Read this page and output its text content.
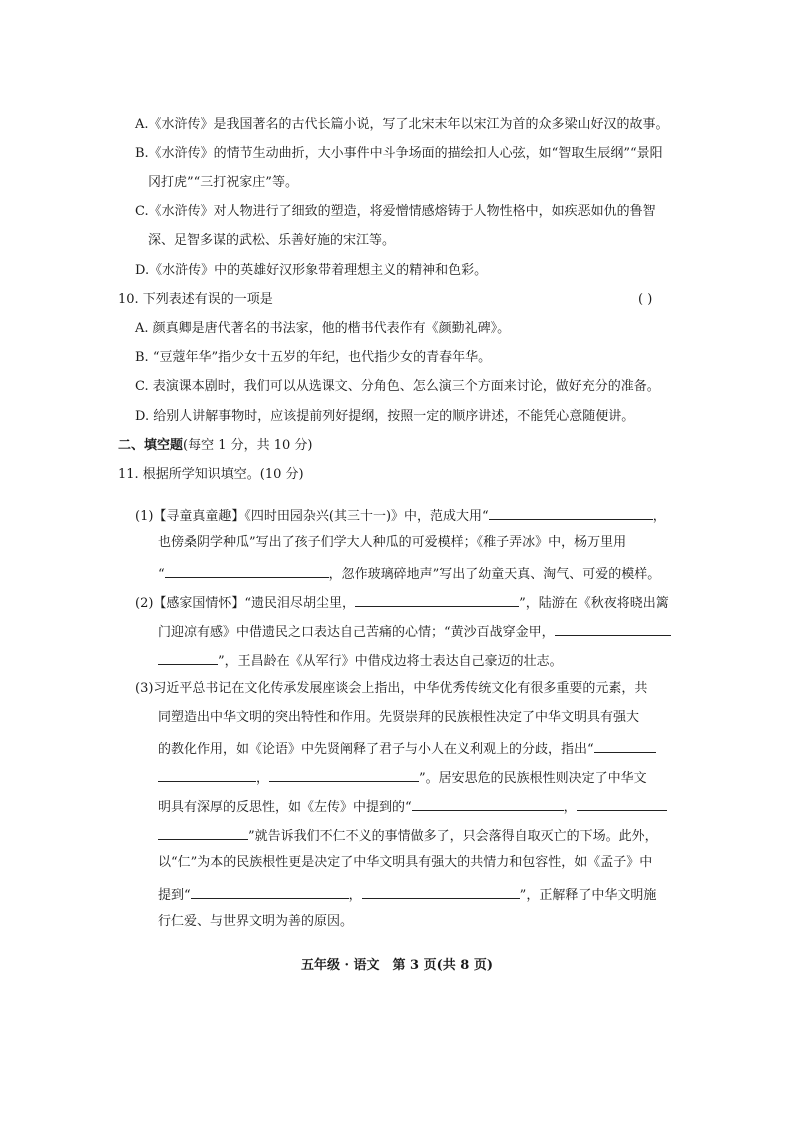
A.《水浒传》是我国著名的古代长篇小说，写了北宋末年以宋江为首的众多梁山好汉的故事。
B.《水浒传》的情节生动曲折，大小事件中斗争场面的描绘扣人心弦，如“智取生辰纲”“景阳
冈打虎”“三打祝家庄”等。
C.《水浒传》对人物进行了细致的塑造，将爱憎情感熔铸于人物性格中，如疾恶如仇的鲁智
深、足智多谋的武松、乐善好施的宋江等。
D.《水浒传》中的英雄好汉形象带着理想主义的精神和色彩。
10. 下列表述有误的一项是	( )
A. 颜真卿是唐代著名的书法家，他的楷书代表作有《颜勤礼碑》。
B. “豆蔻年华”指少女十五岁的年纪，也代指少女的青春年华。
C. 表演课本剧时，我们可以从选课文、分角色、怎么演三个方面来讨论，做好充分的准备。
D. 给别人讲解事物时，应该提前列好提纲，按照一定的顺序讲述，不能凭心意随便讲。
二、填空题(每空 1 分，共 10 分)
11. 根据所学知识填空。(10 分)
(1)【寻童真童趣】《四时田园杂兴(其三十一)》中，范成大用“	，
也傍桑阴学种瓜”写出了孩子们学大人种瓜的可爱模样；《稚子弄冰》中，杨万里用
“	，忽作玻璃碎地声”写出了幼童天真、淘气、可爱的模样。
(2)【感家国情怀】“遗民泪尽胡尘里，	”，陆游在《秋夜将晓出篱
门迎凉有感》中借遗民之口表达自己苦痛的心情；“黄沙百战穿金甲，
”，王昌龄在《从军行》中借戍边将士表达自己豪迈的壮志。
(3)习近平总书记在文化传承发展座谈会上指出，中华优秀传统文化有很多重要的元素，共
同塑造出中华文明的突出特性和作用。先贤崇拜的民族根性决定了中华文明具有强大
的教化作用，如《论语》中先贤阐释了君子与小人在义利观上的分歧，指出“
，	”。居安思危的民族根性则决定了中华文
明具有深厚的反思性，如《左传》中提到的“	，
”就告诉我们不仁不义的事情做多了，只会落得自取灭亡的下场。此外，
以“仁”为本的民族根性更是决定了中华文明具有强大的共情力和包容性，如《孟子》中
提到“	，	”，正解释了中华文明施
行仁爱、与世界文明为善的原因。
五年级 · 语文　第 3 页(共 8 页)
